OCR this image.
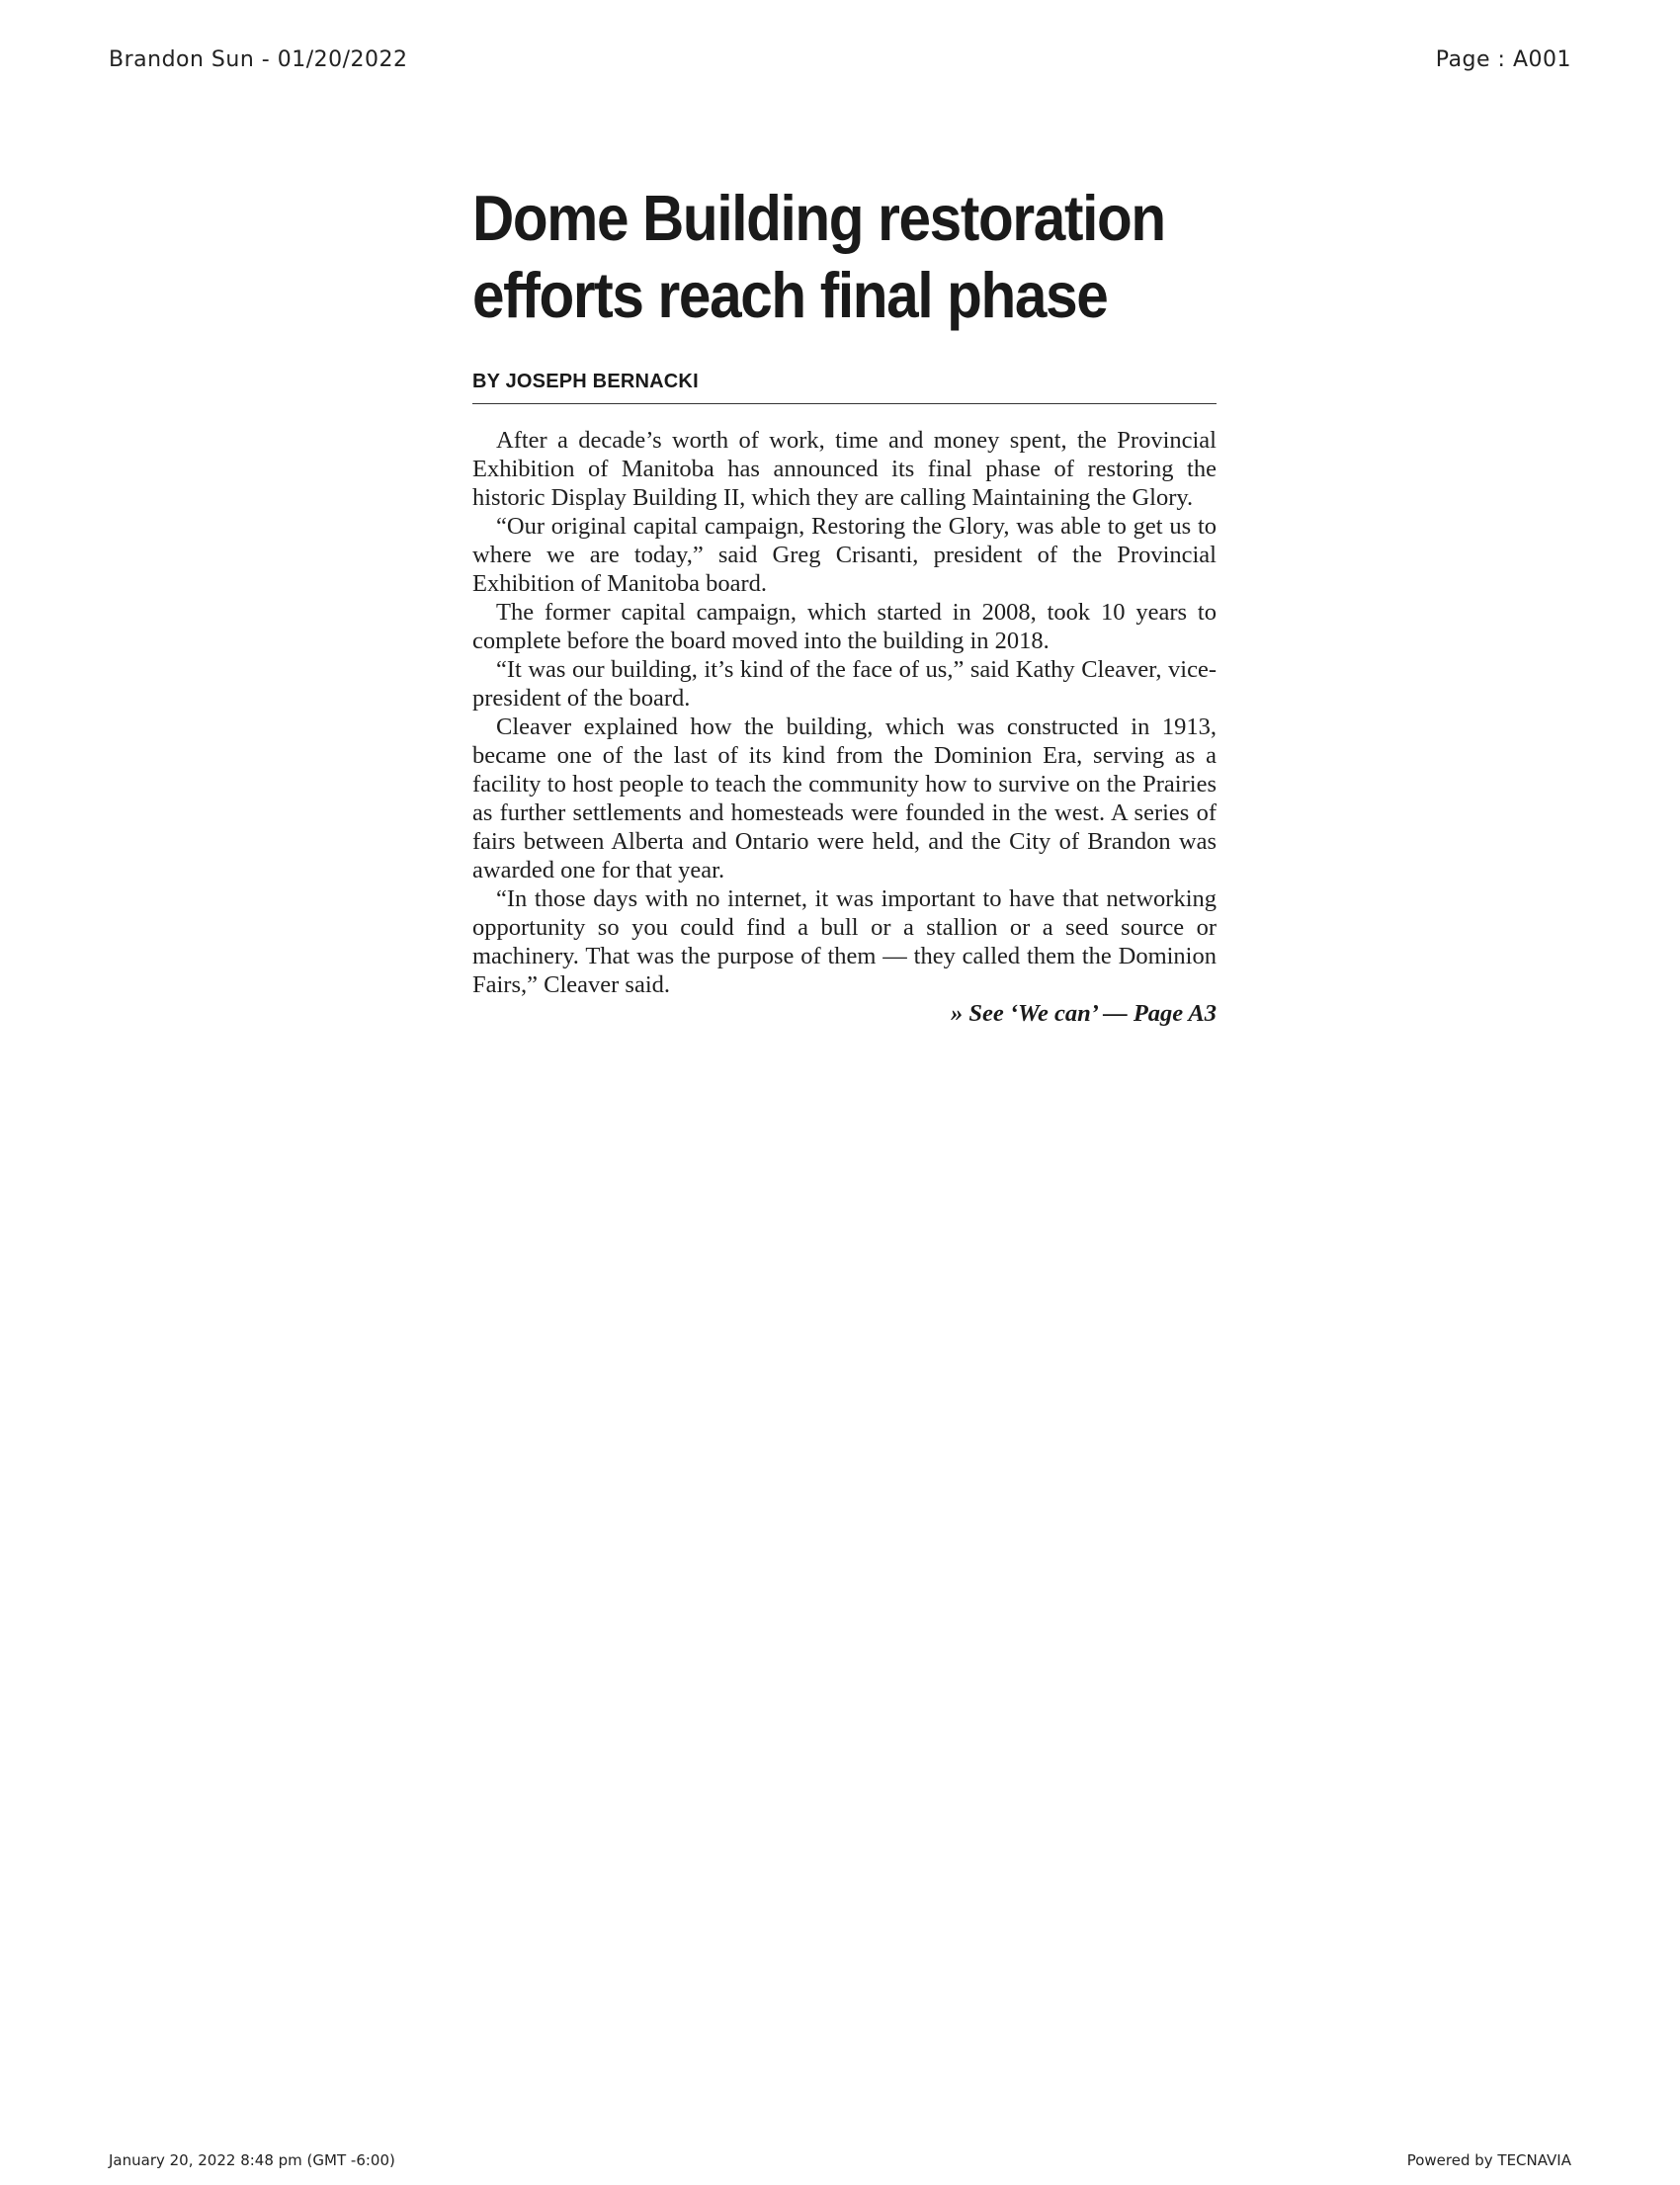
Brandon Sun - 01/20/2022	Page : A001
Dome Building restoration efforts reach final phase
BY JOSEPH BERNACKI

After a decade’s worth of work, time and money spent, the Provincial Exhibition of Manitoba has announced its final phase of restoring the historic Display Building II, which they are calling Maintaining the Glory.

“Our original capital campaign, Restoring the Glory, was able to get us to where we are today,” said Greg Crisanti, president of the Provincial Exhibition of Manitoba board.

The former capital campaign, which started in 2008, took 10 years to complete before the board moved into the building in 2018.

“It was our building, it’s kind of the face of us,” said Kathy Cleaver, vice-president of the board.

Cleaver explained how the building, which was constructed in 1913, became one of the last of its kind from the Dominion Era, serving as a facility to host people to teach the community how to survive on the Prairies as further settlements and homesteads were founded in the west. A series of fairs between Alberta and Ontario were held, and the City of Brandon was awarded one for that year.

“In those days with no internet, it was important to have that networking opportunity so you could find a bull or a stallion or a seed source or machinery. That was the purpose of them — they called them the Dominion Fairs,” Cleaver said.

» See ‘We can’ — Page A3
January 20, 2022 8:48 pm (GMT -6:00)	Powered by TECNAVIA
